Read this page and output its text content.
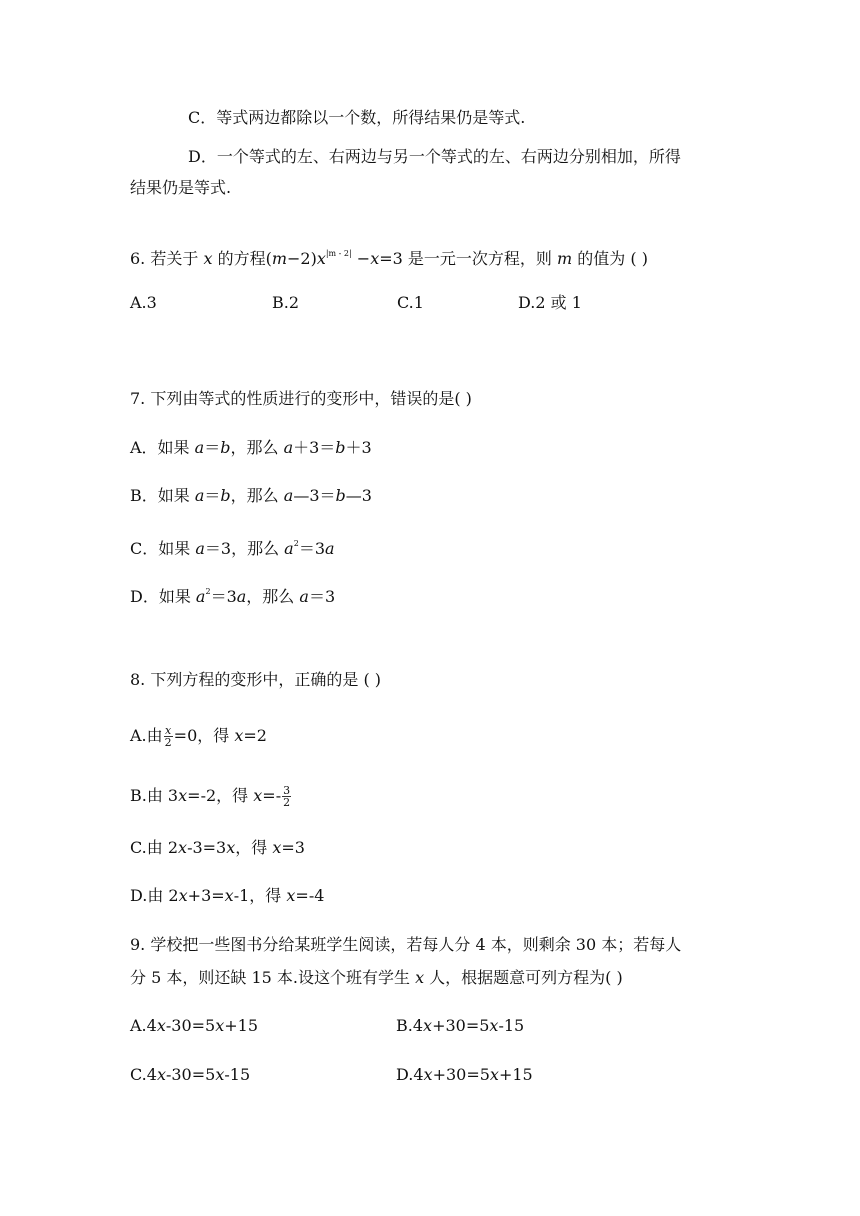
C．等式两边都除以一个数，所得结果仍是等式.
D．一个等式的左、右两边与另一个等式的左、右两边分别相加，所得
结果仍是等式.
6. 若关于 x 的方程$(m-2)x^{|m - 2|} -x=3$ 是一元一次方程，则 m 的值为 ( )
A.3	B.2	C.1	D.2 或 1
7. 下列由等式的性质进行的变形中，错误的是( )
A．如果 a＝b，那么 a＋3＝b＋3
B．如果 a＝b，那么 a—3＝b—3
C．如果 a＝3，那么 $a^2=3a$
D．如果 $a^2=3a$，那么 a＝3
8. 下列方程的变形中，正确的是 ( )
A.由 $\frac{x}{2} =0$，得 x=2
B.由 3x=-2，得 $x=- \frac{3}{2}$
C.由 2x-3=3x，得 x=3
D.由 2x+3=x-1，得 x=-4
9. 学校把一些图书分给某班学生阅读，若每人分 4 本，则剩余 30 本；若每人
分 5 本，则还缺 15 本.设这个班有学生 x 人，根据题意可列方程为( )
A.4x-30=5x+15	B.4x+30=5x-15
C.4x-30=5x-15	D.4x+30=5x+15
